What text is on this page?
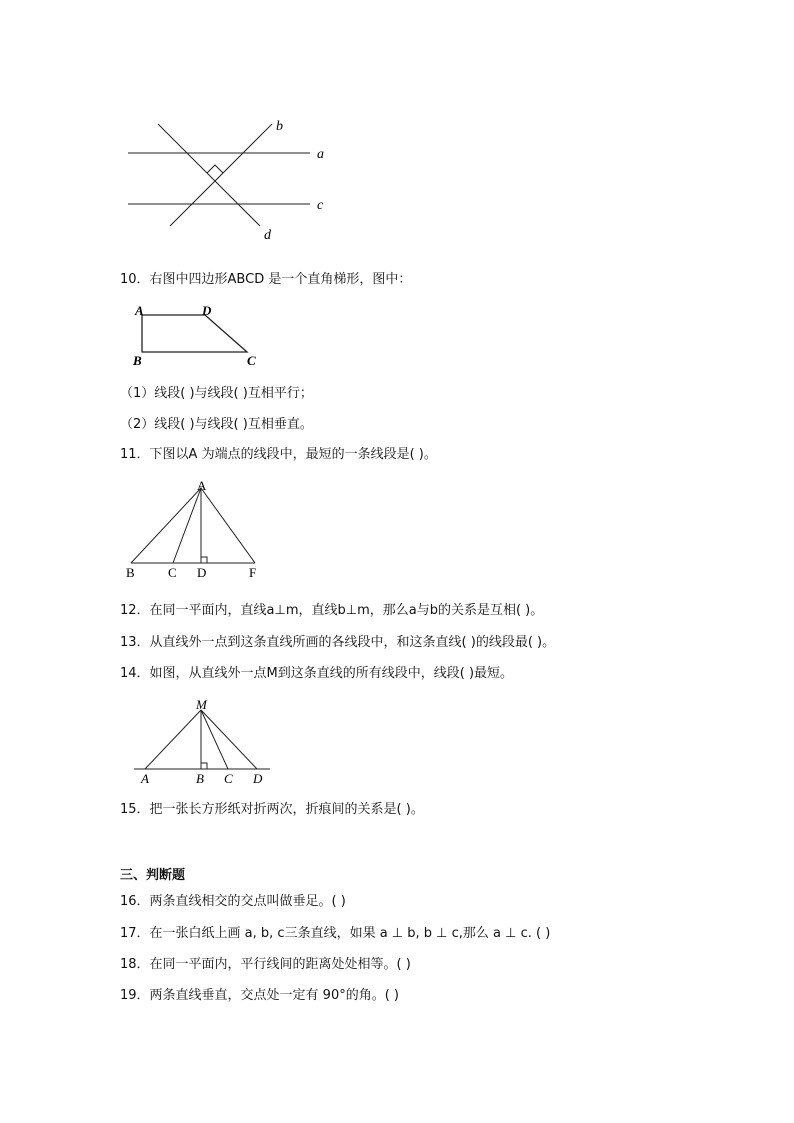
b
a
c
d
10．右图中四边形ABCD 是一个直角梯形，图中：
A	D
B	C
（1）线段( )与线段( )互相平行；
（2）线段( )与线段( )互相垂直。
11．下图以A 为端点的线段中，最短的一条线段是( )。
A
B	C D	F
12．在同一平面内，直线a⊥m，直线b⊥m，那么a与b的关系是互相( )。
13．从直线外一点到这条直线所画的各线段中，和这条直线( )的线段最( )。
14．如图，从直线外一点M到这条直线的所有线段中，线段( )最短。
M
A	B C D
15．把一张长方形纸对折两次，折痕间的关系是( )。
三、判断题
16．两条直线相交的交点叫做垂足。( )
17．在一张白纸上画 a, b, c三条直线，如果 a ⊥ b, b ⊥ c,那么 a ⊥ c. ( )
18．在同一平面内，平行线间的距离处处相等。( )
19．两条直线垂直，交点处一定有 90°的角。( )
